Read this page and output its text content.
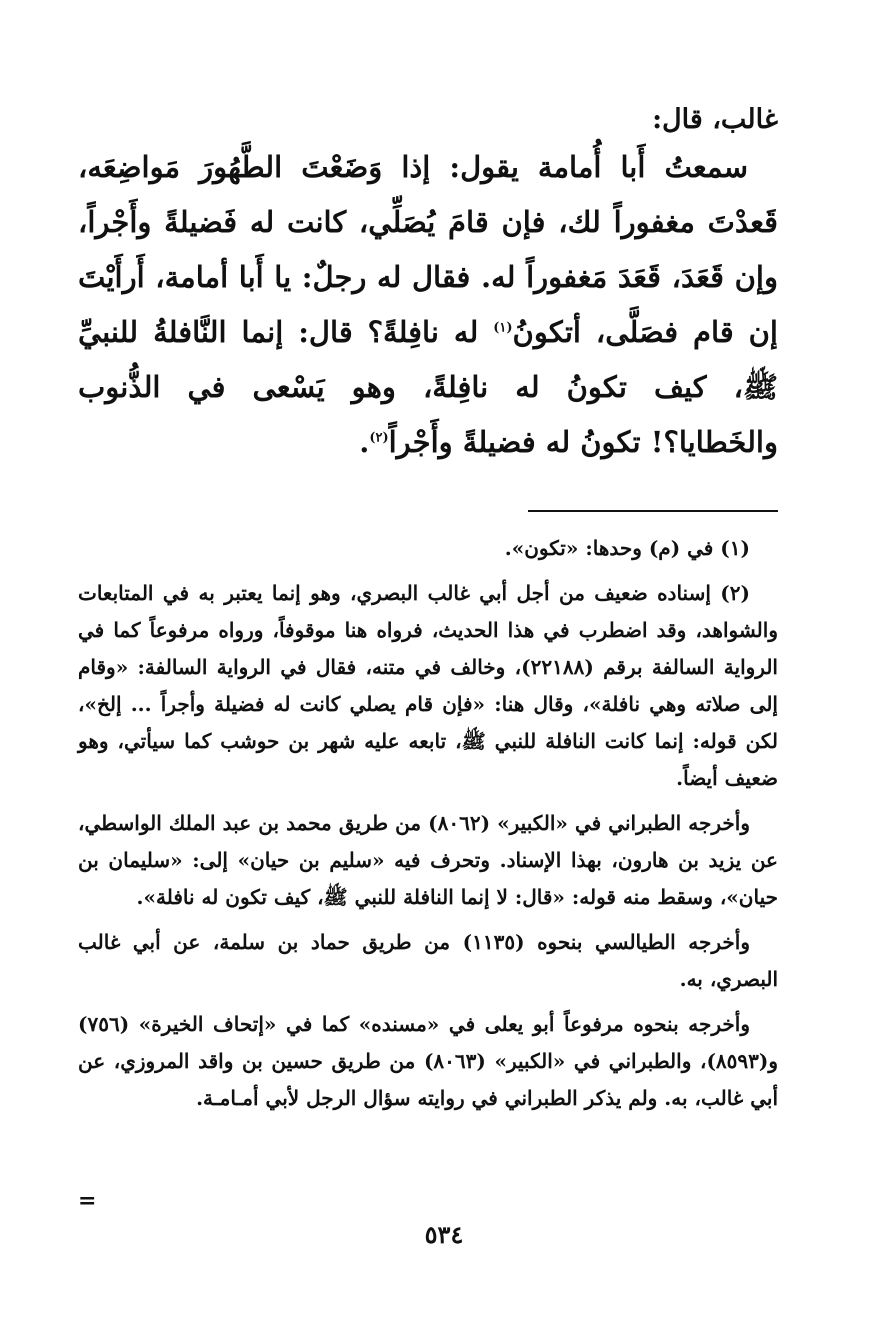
غالب، قال:

سمعتُ أَبا أُمامة يقول: إذا وَضَعْتَ الطَّهُورَ مَواضِعَه، قَعدْتَ مغفوراً لك، فإن قامَ يُصَلِّي، كانت له فَضيلةً وأَجْراً، وإن قَعَدَ، قَعَدَ مَغفوراً له. فقال له رجلٌ: يا أَبا أمامة، أَرأَيْتَ إن قام فصَلَّى، أتكونُ$^{(١)}$ له نافِلةً؟ قال: إنما النَّافلةُ للنبيِّ ﷺ، كيف تكونُ له نافِلةً، وهو يَسْعى في الذُّنوب والخَطايا؟! تكونُ له فضيلةً وأَجْراً$^{(٢)}$.

(١) في (م) وحدها: «تكون».

(٢) إسناده ضعيف من أجل أبي غالب البصري، وهو إنما يعتبر به في المتابعات والشواهد، وقد اضطرب في هذا الحديث، فرواه هنا موقوفاً، ورواه مرفوعاً كما في الرواية السالفة برقم (٢٢١٨٨)، وخالف في متنه، فقال في الرواية السالفة: «وقام إلى صلاته وهي نافلة»، وقال هنا: «فإن قام يصلي كانت له فضيلة وأجراً ... إلخ»، لكن قوله: إنما كانت النافلة للنبي ﷺ، تابعه عليه شهر بن حوشب كما سيأتي، وهو ضعيف أيضاً.

وأخرجه الطبراني في «الكبير» (٨٠٦٢) من طريق محمد بن عبد الملك الواسطي، عن يزيد بن هارون، بهذا الإسناد. وتحرف فيه «سليم بن حيان» إلى: «سليمان بن حيان»، وسقط منه قوله: «قال: لا إنما النافلة للنبي ﷺ، كيف تكون له نافلة».

وأخرجه الطيالسي بنحوه (١١٣٥) من طريق حماد بن سلمة، عن أبي غالب البصري، به.

وأخرجه بنحوه مرفوعاً أبو يعلى في «مسنده» كما في «إتحاف الخيرة» (٧٥٦) و(٨٥٩٣)، والطبراني في «الكبير» (٨٠٦٣) من طريق حسين بن واقد المروزي، عن أبي غالب، به. ولم يذكر الطبراني في روايته سؤال الرجل لأبي أمـامـة.

=
٥٣٤
